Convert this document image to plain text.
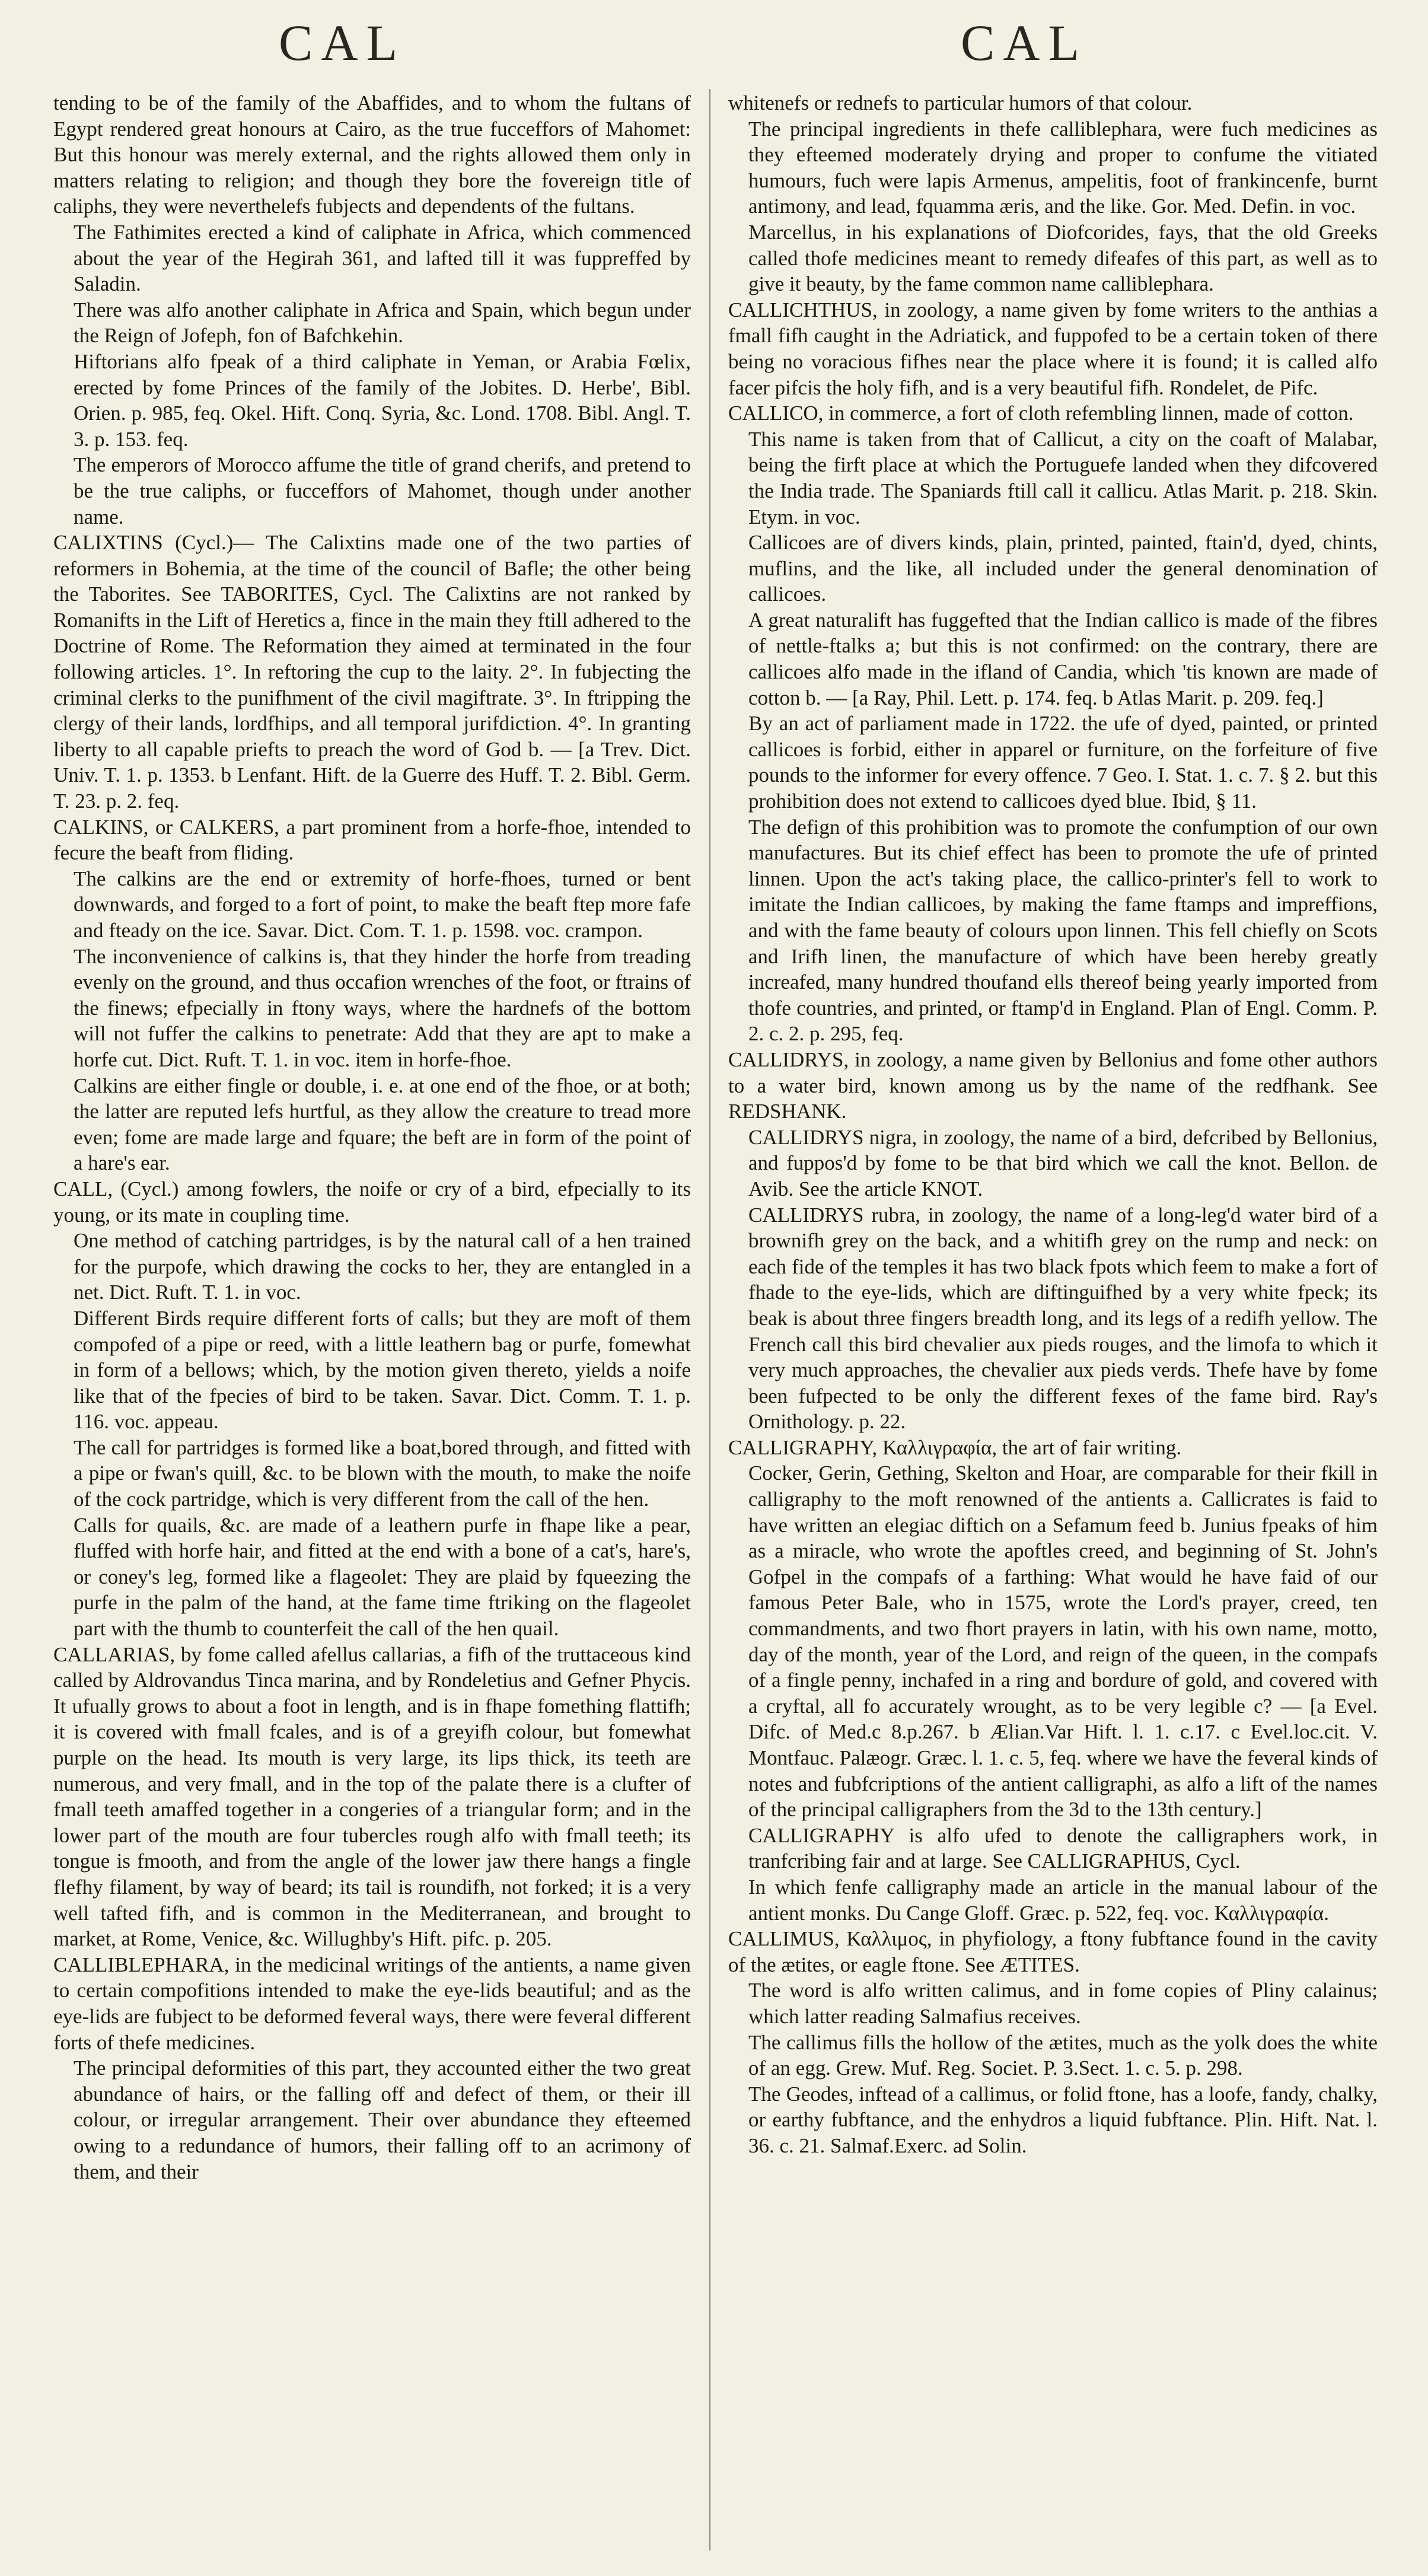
CAL	CAL

tending to be of the family of the Abaffides, and to whom the fultans of Egypt rendered great honours at Cairo, as the true fucceffors of Mahomet: But this honour was merely external, and the rights allowed them only in matters relating to religion; and though they bore the fovereign title of caliphs, they were neverthelefs fubjects and dependents of the fultans.

The Fathimites erected a kind of caliphate in Africa, which commenced about the year of the Hegirah 361, and lafted till it was fuppreffed by Saladin.

There was alfo another caliphate in Africa and Spain, which begun under the Reign of Jofeph, fon of Bafchkehin.

Hiftorians alfo fpeak of a third caliphate in Yeman, or Arabia Fœlix, erected by fome Princes of the family of the Jobites. D. Herbe', Bibl. Orien. p. 985, feq. Okel. Hift. Conq. Syria, &c. Lond. 1708. Bibl. Angl. T. 3. p. 153. feq.

The emperors of Morocco affume the title of grand cherifs, and pretend to be the true caliphs, or fucceffors of Mahomet, though under another name.

CALIXTINS (Cycl.)— The Calixtins made one of the two parties of reformers in Bohemia, at the time of the council of Bafle; the other being the Taborites. See TABORITES, Cycl. The Calixtins are not ranked by Romanifts in the Lift of Heretics a, fince in the main they ftill adhered to the Doctrine of Rome. The Reformation they aimed at terminated in the four following articles. 1°. In reftoring the cup to the laity. 2°. In fubjecting the criminal clerks to the punifhment of the civil magiftrate. 3°. In ftripping the clergy of their lands, lordfhips, and all temporal jurifdiction. 4°. In granting liberty to all capable priefts to preach the word of God b. — [a Trev. Dict. Univ. T. 1. p. 1353. b Lenfant. Hift. de la Guerre des Huff. T. 2. Bibl. Germ. T. 23. p. 2. feq.

CALKINS, or CALKERS, a part prominent from a horfe-fhoe, intended to fecure the beaft from fliding.

The calkins are the end or extremity of horfe-fhoes, turned or bent downwards, and forged to a fort of point, to make the beaft ftep more fafe and fteady on the ice. Savar. Dict. Com. T. 1. p. 1598. voc. crampon.

The inconvenience of calkins is, that they hinder the horfe from treading evenly on the ground, and thus occafion wrenches of the foot, or ftrains of the finews; efpecially in ftony ways, where the hardnefs of the bottom will not fuffer the calkins to penetrate: Add that they are apt to make a horfe cut. Dict. Ruft. T. 1. in voc. item in horfe-fhoe.

Calkins are either fingle or double, i. e. at one end of the fhoe, or at both; the latter are reputed lefs hurtful, as they allow the creature to tread more even; fome are made large and fquare; the beft are in form of the point of a hare's ear.

CALL, (Cycl.) among fowlers, the noife or cry of a bird, efpecially to its young, or its mate in coupling time.

One method of catching partridges, is by the natural call of a hen trained for the purpofe, which drawing the cocks to her, they are entangled in a net. Dict. Ruft. T. 1. in voc.

Different Birds require different forts of calls; but they are moft of them compofed of a pipe or reed, with a little leathern bag or purfe, fomewhat in form of a bellows; which, by the motion given thereto, yields a noife like that of the fpecies of bird to be taken. Savar. Dict. Comm. T. 1. p. 116. voc. appeau.

The call for partridges is formed like a boat,bored through, and fitted with a pipe or fwan's quill, &c. to be blown with the mouth, to make the noife of the cock partridge, which is very different from the call of the hen.

Calls for quails, &c. are made of a leathern purfe in fhape like a pear, fluffed with horfe hair, and fitted at the end with a bone of a cat's, hare's, or coney's leg, formed like a flageolet: They are plaid by fqueezing the purfe in the palm of the hand, at the fame time ftriking on the flageolet part with the thumb to counterfeit the call of the hen quail.

CALLARIAS, by fome called afellus callarias, a fifh of the truttaceous kind called by Aldrovandus Tinca marina, and by Rondeletius and Gefner Phycis. It ufually grows to about a foot in length, and is in fhape fomething flattifh; it is covered with fmall fcales, and is of a greyifh colour, but fomewhat purple on the head. Its mouth is very large, its lips thick, its teeth are numerous, and very fmall, and in the top of the palate there is a clufter of fmall teeth amaffed together in a congeries of a triangular form; and in the lower part of the mouth are four tubercles rough alfo with fmall teeth; its tongue is fmooth, and from the angle of the lower jaw there hangs a fingle flefhy filament, by way of beard; its tail is roundifh, not forked; it is a very well tafted fifh, and is common in the Mediterranean, and brought to market, at Rome, Venice, &c. Willughby's Hift. pifc. p. 205.

CALLIBLEPHARA, in the medicinal writings of the antients, a name given to certain compofitions intended to make the eye-lids beautiful; and as the eye-lids are fubject to be deformed feveral ways, there were feveral different forts of thefe medicines.

The principal deformities of this part, they accounted either the two great abundance of hairs, or the falling off and defect of them, or their ill colour, or irregular arrangement. Their over abundance they efteemed owing to a redundance of humors, their falling off to an acrimony of them, and their

whitenefs or rednefs to particular humors of that colour.

The principal ingredients in thefe calliblephara, were fuch medicines as they efteemed moderately drying and proper to confume the vitiated humours, fuch were lapis Armenus, ampelitis, foot of frankincenfe, burnt antimony, and lead, fquamma æris, and the like. Gor. Med. Defin. in voc.

Marcellus, in his explanations of Diofcorides, fays, that the old Greeks called thofe medicines meant to remedy difeafes of this part, as well as to give it beauty, by the fame common name calliblephara.

CALLICHTHUS, in zoology, a name given by fome writers to the anthias a fmall fifh caught in the Adriatick, and fuppofed to be a certain token of there being no voracious fifhes near the place where it is found; it is called alfo facer pifcis the holy fifh, and is a very beautiful fifh. Rondelet, de Pifc.

CALLICO, in commerce, a fort of cloth refembling linnen, made of cotton.

This name is taken from that of Callicut, a city on the coaft of Malabar, being the firft place at which the Portuguefe landed when they difcovered the India trade. The Spaniards ftill call it callicu. Atlas Marit. p. 218. Skin. Etym. in voc.

Callicoes are of divers kinds, plain, printed, painted, ftain'd, dyed, chints, muflins, and the like, all included under the general denomination of callicoes.

A great naturalift has fuggefted that the Indian callico is made of the fibres of nettle-ftalks a; but this is not confirmed: on the contrary, there are callicoes alfo made in the ifland of Candia, which 'tis known are made of cotton b. — [a Ray, Phil. Lett. p. 174. feq. b Atlas Marit. p. 209. feq.]

By an act of parliament made in 1722. the ufe of dyed, painted, or printed callicoes is forbid, either in apparel or furniture, on the forfeiture of five pounds to the informer for every offence. 7 Geo. I. Stat. 1. c. 7. § 2. but this prohibition does not extend to callicoes dyed blue. Ibid, § 11.

The defign of this prohibition was to promote the confumption of our own manufactures. But its chief effect has been to promote the ufe of printed linnen. Upon the act's taking place, the callico-printer's fell to work to imitate the Indian callicoes, by making the fame ftamps and impreffions, and with the fame beauty of colours upon linnen. This fell chiefly on Scots and Irifh linen, the manufacture of which have been hereby greatly increafed, many hundred thoufand ells thereof being yearly imported from thofe countries, and printed, or ftamp'd in England. Plan of Engl. Comm. P. 2. c. 2. p. 295, feq.

CALLIDRYS, in zoology, a name given by Bellonius and fome other authors to a water bird, known among us by the name of the redfhank. See REDSHANK.

CALLIDRYS nigra, in zoology, the name of a bird, defcribed by Bellonius, and fuppos'd by fome to be that bird which we call the knot. Bellon. de Avib. See the article KNOT.

CALLIDRYS rubra, in zoology, the name of a long-leg'd water bird of a brownifh grey on the back, and a whitifh grey on the rump and neck: on each fide of the temples it has two black fpots which feem to make a fort of fhade to the eye-lids, which are diftinguifhed by a very white fpeck; its beak is about three fingers breadth long, and its legs of a redifh yellow. The French call this bird chevalier aux pieds rouges, and the limofa to which it very much approaches, the chevalier aux pieds verds. Thefe have by fome been fufpected to be only the different fexes of the fame bird. Ray's Ornithology. p. 22.

CALLIGRAPHY, Καλλιγραφία, the art of fair writing.

Cocker, Gerin, Gething, Skelton and Hoar, are comparable for their fkill in calligraphy to the moft renowned of the antients a. Callicrates is faid to have written an elegiac diftich on a Sefamum feed b. Junius fpeaks of him as a miracle, who wrote the apoftles creed, and beginning of St. John's Gofpel in the compafs of a farthing: What would he have faid of our famous Peter Bale, who in 1575, wrote the Lord's prayer, creed, ten commandments, and two fhort prayers in latin, with his own name, motto, day of the month, year of the Lord, and reign of the queen, in the compafs of a fingle penny, inchafed in a ring and bordure of gold, and covered with a cryftal, all fo accurately wrought, as to be very legible c? — [a Evel. Difc. of Med.c 8.p.267. b Ælian.Var Hift. l. 1. c.17. c Evel.loc.cit. V. Montfauc. Palæogr. Græc. l. 1. c. 5, feq. where we have the feveral kinds of notes and fubfcriptions of the antient calligraphi, as alfo a lift of the names of the principal calligraphers from the 3d to the 13th century.]

CALLIGRAPHY is alfo ufed to denote the calligraphers work, in tranfcribing fair and at large. See CALLIGRAPHUS, Cycl.

In which fenfe calligraphy made an article in the manual labour of the antient monks. Du Cange Gloff. Græc. p. 522, feq. voc. Καλλιγραφία.

CALLIMUS, Καλλιμος, in phyfiology, a ftony fubftance found in the cavity of the ætites, or eagle ftone. See ÆTITES.

The word is alfo written calimus, and in fome copies of Pliny calainus; which latter reading Salmafius receives.

The callimus fills the hollow of the ætites, much as the yolk does the white of an egg. Grew. Muf. Reg. Societ. P. 3.Sect. 1. c. 5. p. 298.

The Geodes, inftead of a callimus, or folid ftone, has a loofe, fandy, chalky, or earthy fubftance, and the enhydros a liquid fubftance. Plin. Hift. Nat. l. 36. c. 21. Salmaf.Exerc. ad Solin.
